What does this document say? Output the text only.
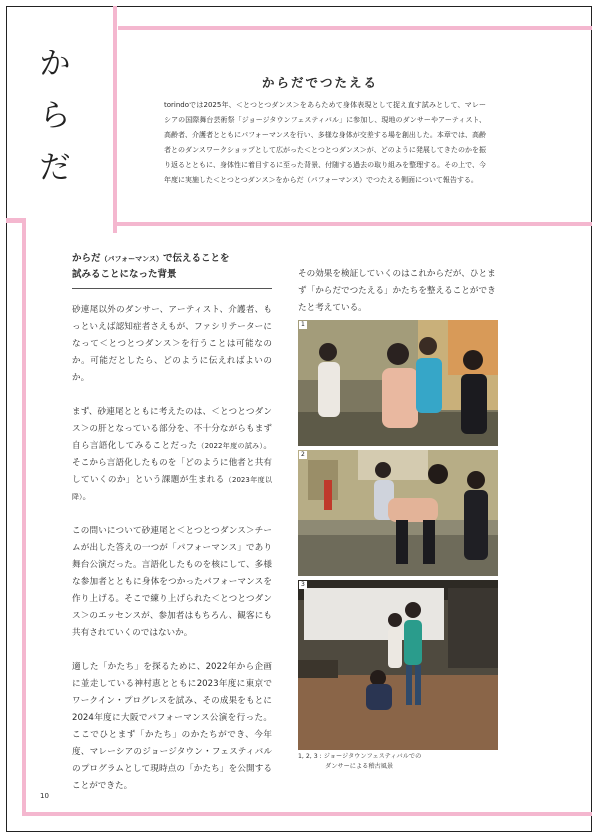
か
ら
だ
からだでつたえる

torindoでは2025年、＜とつとつダンス＞をあらためて身体表現として捉え直す試みとして、マレーシアの国際舞台芸術祭「ジョージタウンフェスティバル」に参加し、現地のダンサーやアーティスト、高齢者、介護者とともにパフォーマンスを行い、多様な身体が交差する場を創出した。本章では、高齢者とのダンスワークショップとして広がった＜とつとつダンス＞が、どのように発展してきたのかを振り返るとともに、身体性に着目するに至った背景、付随する過去の取り組みを整理する。その上で、今年度に実施した＜とつとつダンス＞をからだ（パフォーマンス）でつたえる側面について報告する。

からだ（パフォーマンス）で伝えることを
試みることになった背景

砂連尾以外のダンサー、アーティスト、介護者、もっといえば認知症者さえもが、ファシリテーターになって＜とつとつダンス＞を行うことは可能なのか。可能だとしたら、どのように伝えればよいのか。

まず、砂連尾とともに考えたのは、＜とつとつダンス＞の肝となっている部分を、不十分ながらもまず自ら言語化してみることだった（2022年度の試み）。そこから言語化したものを「どのように他者と共有していくのか」という課題が生まれる（2023年度以降）。

この問いについて砂連尾と＜とつとつダンス＞チームが出した答えの一つが「パフォーマンス」であり舞台公演だった。言語化したものを核にして、多様な参加者とともに身体をつかったパフォーマンスを作り上げる。そこで練り上げられた＜とつとつダンス＞のエッセンスが、参加者はもちろん、観客にも共有されていくのではないか。

適した「かたち」を探るために、2022年から企画に並走している神村恵とともに2023年度に東京でワークイン・プログレスを試み、その成果をもとに2024年度に大阪でパフォーマンス公演を行った。ここでひとまず「かたち」のかたちができ、今年度、マレーシアのジョージタウン・フェスティバルのプログラムとして現時点の「かたち」を公開することができた。

その効果を検証していくのはこれからだが、ひとまず「からだでつたえる」かたちを整えることができたと考えている。

1
2
3
1, 2, 3 : ジョージタウンフェスティバルでの
ダンサーによる稽古風景
10
